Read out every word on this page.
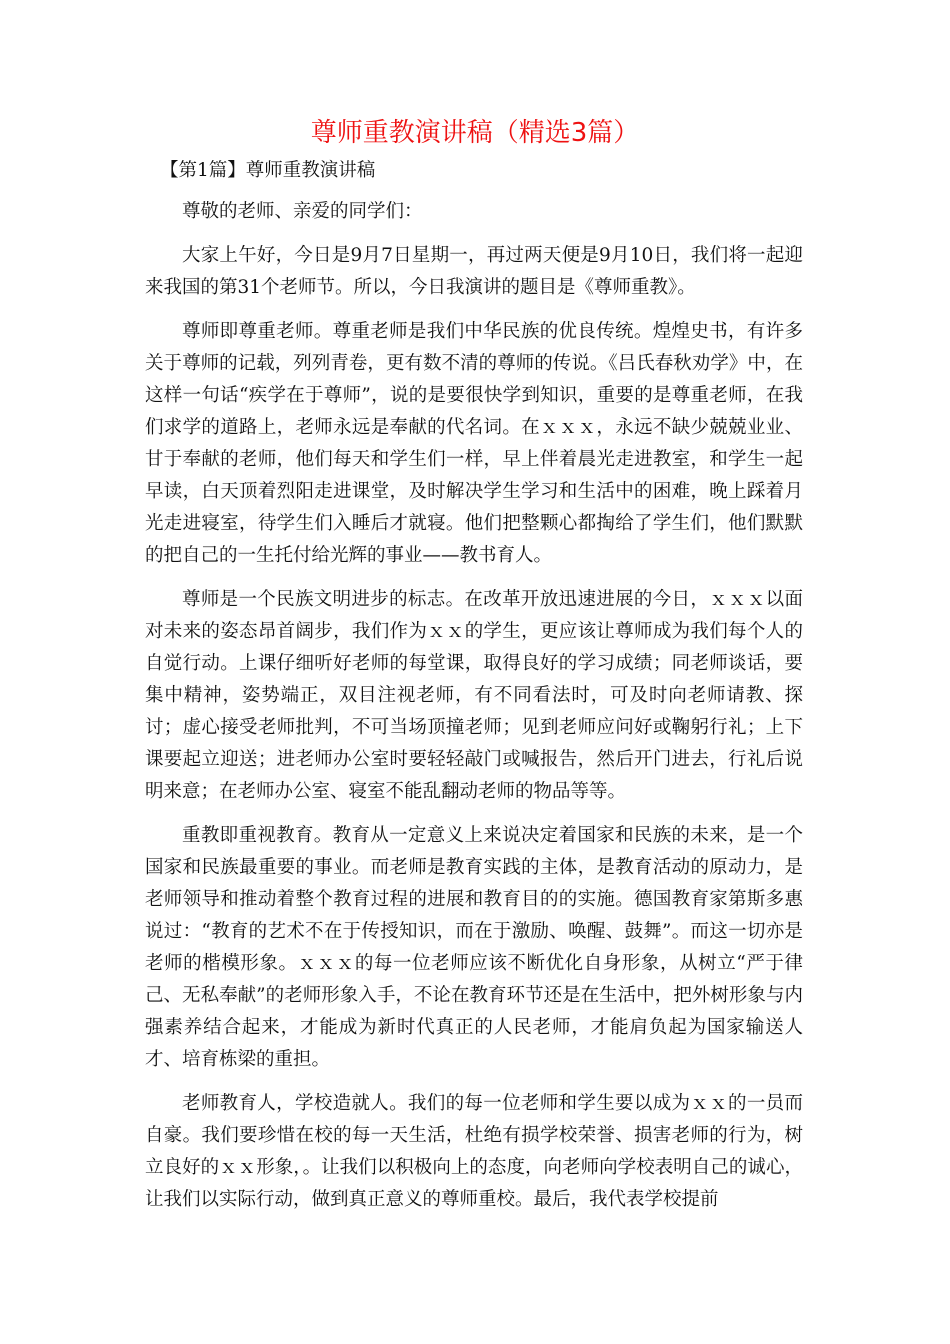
尊师重教演讲稿（精选3篇）

【第1篇】尊师重教演讲稿

尊敬的老师、亲爱的同学们：

大家上午好，今日是9月7日星期一，再过两天便是9月10日，我们将一起迎来我国的第31个老师节。所以，今日我演讲的题目是《尊师重教》。

尊师即尊重老师。尊重老师是我们中华民族的优良传统。煌煌史书，有许多关于尊师的记载，列列青卷，更有数不清的尊师的传说。《吕氏春秋劝学》中，在这样一句话“疾学在于尊师”，说的是要很快学到知识，重要的是尊重老师，在我们求学的道路上，老师永远是奉献的代名词。在ｘｘｘ，永远不缺少兢兢业业、甘于奉献的老师，他们每天和学生们一样，早上伴着晨光走进教室，和学生一起早读，白天顶着烈阳走进课堂，及时解决学生学习和生活中的困难，晚上踩着月光走进寝室，待学生们入睡后才就寝。他们把整颗心都掏给了学生们，他们默默的把自己的一生托付给光辉的事业——教书育人。

尊师是一个民族文明进步的标志。在改革开放迅速进展的今日，ｘｘｘ以面对未来的姿态昂首阔步，我们作为ｘｘ的学生，更应该让尊师成为我们每个人的自觉行动。上课仔细听好老师的每堂课，取得良好的学习成绩；同老师谈话，要集中精神，姿势端正，双目注视老师，有不同看法时，可及时向老师请教、探讨；虚心接受老师批判，不可当场顶撞老师；见到老师应问好或鞠躬行礼；上下课要起立迎送；进老师办公室时要轻轻敲门或喊报告，然后开门进去，行礼后说明来意；在老师办公室、寝室不能乱翻动老师的物品等等。

重教即重视教育。教育从一定意义上来说决定着国家和民族的未来，是一个国家和民族最重要的事业。而老师是教育实践的主体，是教育活动的原动力，是老师领导和推动着整个教育过程的进展和教育目的的实施。德国教育家第斯多惠说过：“教育的艺术不在于传授知识，而在于激励、唤醒、鼓舞”。而这一切亦是老师的楷模形象。ｘｘｘ的每一位老师应该不断优化自身形象，从树立“严于律己、无私奉献”的老师形象入手，不论在教育环节还是在生活中，把外树形象与内强素养结合起来，才能成为新时代真正的人民老师，才能肩负起为国家输送人才、培育栋梁的重担。

老师教育人，学校造就人。我们的每一位老师和学生要以成为ｘｘ的一员而自豪。我们要珍惜在校的每一天生活，杜绝有损学校荣誉、损害老师的行为，树立良好的ｘｘ形象，。让我们以积极向上的态度，向老师向学校表明自己的诚心，让我们以实际行动，做到真正意义的尊师重校。最后，我代表学校提前
